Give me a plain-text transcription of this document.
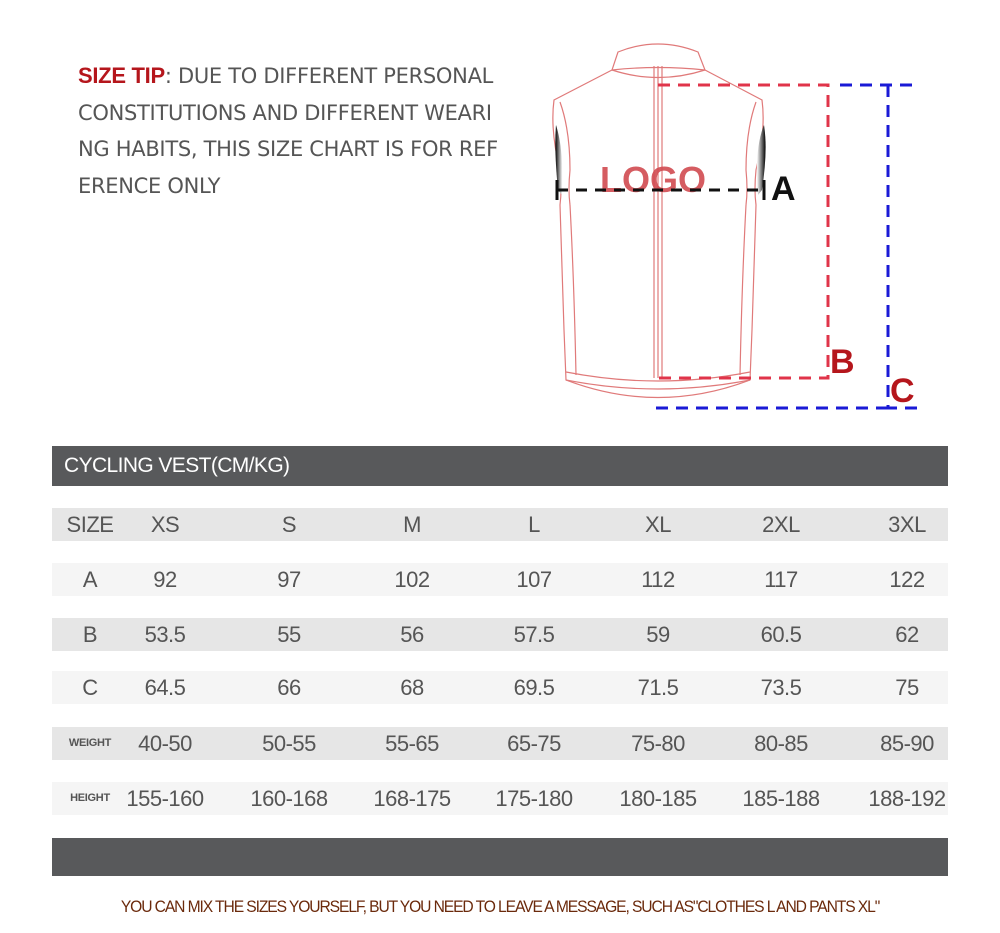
SIZE TIP: DUE TO DIFFERENT PERSONAL
CONSTITUTIONS AND DIFFERENT WEARI
NG HABITS, THIS SIZE CHART IS FOR REF
ERENCE ONLY	LOGO A
B
C
CYCLING VEST(CM/KG)
SIZE	XS	S	M	L	XL	2XL	3XL
A	92	97	102	107	112	117	122
B	53.5	55	56	57.5	59	60.5	62
C	64.5	66	68	69.5	71.5	73.5	75
WEIGHT	40-50	50-55	55-65	65-75	75-80	80-85	85-90
HEIGHT 155-160	160-168	168-175	175-180	180-185	185-188	188-192
YOU CAN MIX THE SIZES YOURSELF, BUT YOU NEED TO LEAVE A MESSAGE, SUCH AS"CLOTHES L AND PANTS XL"
